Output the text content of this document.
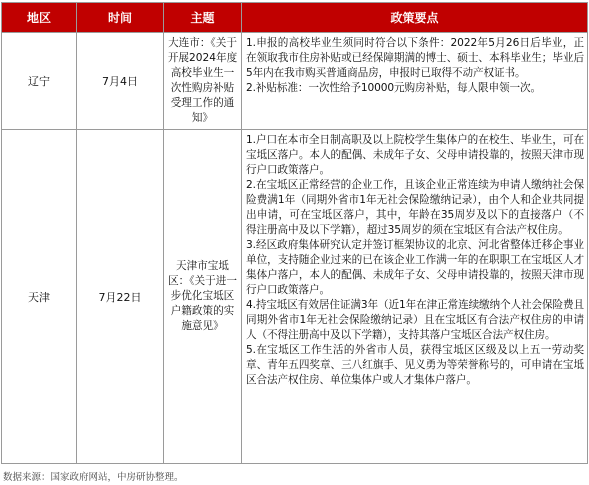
地区	时间	主题	政策要点
辽宁	7月4日	大连市：《关于开展2024年度高校毕业生一次性购房补贴受理工作的通知》	1.申报的高校毕业生须同时符合以下条件：2022年5月26日后毕业，正在领取我市住房补贴或已经保障期满的博士、硕士、本科毕业生；毕业后5年内在我市购买普通商品房，申报时已取得不动产权证书。

2.补贴标准：一次性给予10000元购房补贴，每人限申领一次。

天津	7月22日	天津市宝坻区：《关于进一步优化宝坻区户籍政策的实施意见》	1.户口在本市全日制高职及以上院校学生集体户的在校生、毕业生，可在宝坻区落户。本人的配偶、未成年子女、父母申请投靠的，按照天津市现行户口政策落户。

2.在宝坻区正常经营的企业工作，且该企业正常连续为申请人缴纳社会保险费满1年（同期外省市1年无社会保险缴纳记录），由个人和企业共同提出申请，可在宝坻区落户，其中，年龄在35周岁及以下的直接落户（不得注册高中及以下学籍），超过35周岁的须在宝坻区有合法产权住房。

3.经区政府集体研究认定并签订框架协议的北京、河北省整体迁移企事业单位，支持随企业过来的已在该企业工作满一年的在职职工在宝坻区人才集体户落户，本人的配偶、未成年子女、父母申请投靠的，按照天津市现行户口政策落户。

4.持宝坻区有效居住证满3年（近1年在津正常连续缴纳个人社会保险费且同期外省市1年无社会保险缴纳记录）且在宝坻区有合法产权住房的申请人（不得注册高中及以下学籍），支持其落户宝坻区合法产权住房。

5.在宝坻区工作生活的外省市人员，获得宝坻区区级及以上五一劳动奖章、青年五四奖章、三八红旗手、见义勇为等荣誉称号的，可申请在宝坻区合法产权住房、单位集体户或人才集体户落户。

数据来源：国家政府网站，中房研协整理。
